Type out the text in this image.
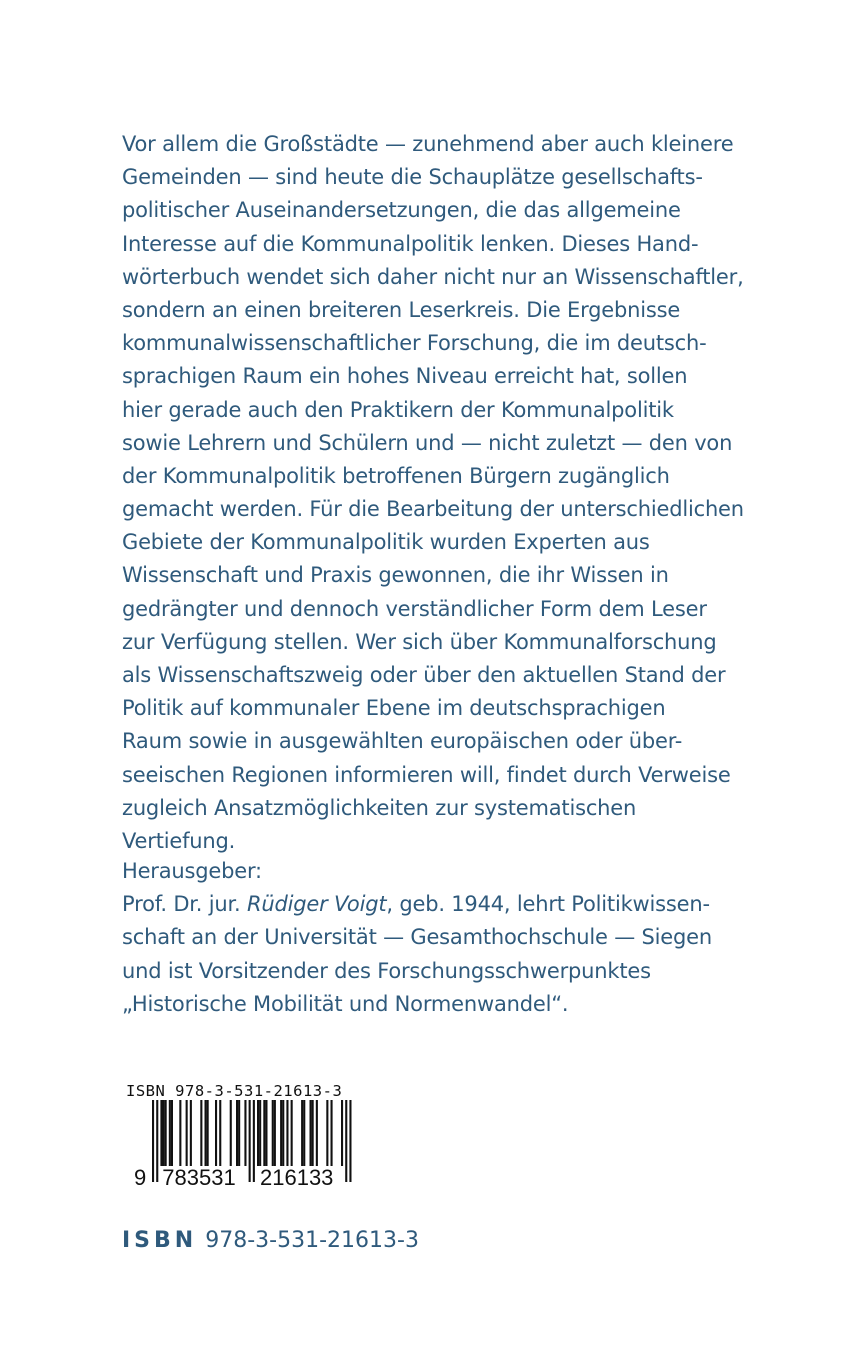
Vor allem die Großstädte — zunehmend aber auch kleinere
Gemeinden — sind heute die Schauplätze gesellschafts-
politischer Auseinandersetzungen, die das allgemeine
Interesse auf die Kommunalpolitik lenken. Dieses Hand-
wörterbuch wendet sich daher nicht nur an Wissenschaftler,
sondern an einen breiteren Leserkreis. Die Ergebnisse
kommunalwissenschaftlicher Forschung, die im deutsch-
sprachigen Raum ein hohes Niveau erreicht hat, sollen
hier gerade auch den Praktikern der Kommunalpolitik
sowie Lehrern und Schülern und — nicht zuletzt — den von
der Kommunalpolitik betroffenen Bürgern zugänglich
gemacht werden. Für die Bearbeitung der unterschiedlichen
Gebiete der Kommunalpolitik wurden Experten aus
Wissenschaft und Praxis gewonnen, die ihr Wissen in
gedrängter und dennoch verständlicher Form dem Leser
zur Verfügung stellen. Wer sich über Kommunalforschung
als Wissenschaftszweig oder über den aktuellen Stand der
Politik auf kommunaler Ebene im deutschsprachigen
Raum sowie in ausgewählten europäischen oder über-
seeischen Regionen informieren will, findet durch Verweise
zugleich Ansatzmöglichkeiten zur systematischen
Vertiefung.
Herausgeber:
Prof. Dr. jur. Rüdiger Voigt, geb. 1944, lehrt Politikwissen-
schaft an der Universität — Gesamthochschule — Siegen
und ist Vorsitzender des Forschungsschwerpunktes
„Historische Mobilität und Normenwandel“.
ISBN 978-3-531-21613-3
9 783531 216133
ISBN 978-3-531-21613-3
